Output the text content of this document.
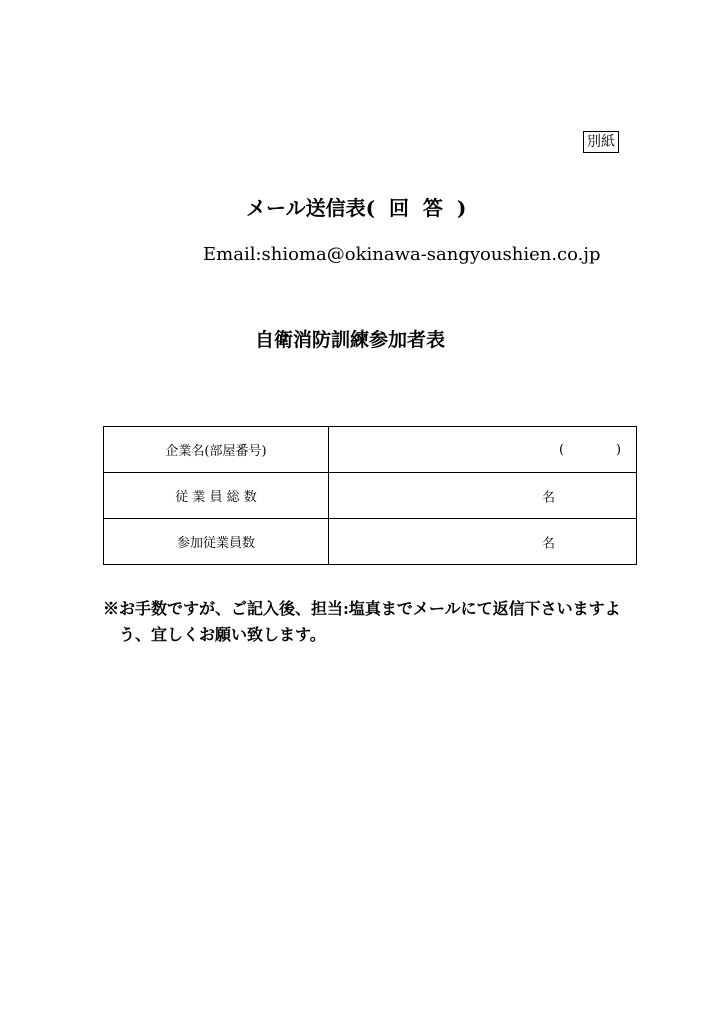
別紙
メール送信表(  回  答  )
Email:shioma@okinawa-sangyoushien.co.jp
自衛消防訓練参加者表
企業名(部屋番号)	( )

従 業 員 総 数	名

参加従業員数	名
※お手数ですが、ご記入後、担当:塩真までメールにて返信下さいますよう、宜しくお願い致します。
